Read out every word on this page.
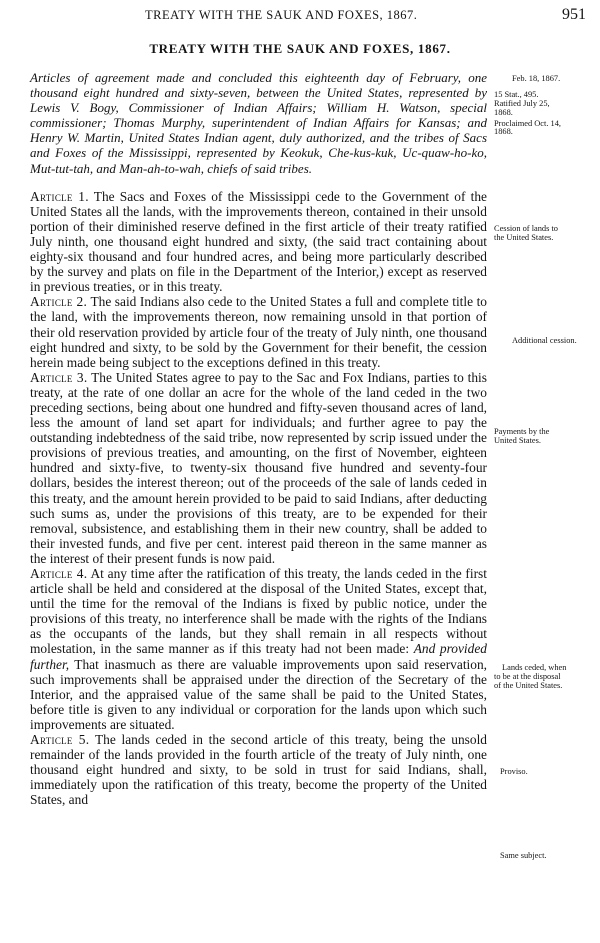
TREATY WITH THE SAUK AND FOXES, 1867.	951
TREATY WITH THE SAUK AND FOXES, 1867.

Articles of agreement made and concluded this eighteenth day of February, one thousand eight hundred and sixty-seven, between the United States, represented by Lewis V. Bogy, Commissioner of Indian Affairs; William H. Watson, special commissioner; Thomas Murphy, superintendent of Indian Affairs for Kansas; and Henry W. Martin, United States Indian agent, duly authorized, and the tribes of Sacs and Foxes of the Mississippi, represented by Keokuk, Che-kus-kuk, Uc-quaw-ho-ko, Mut-tut-tah, and Man-ah-to-wah, chiefs of said tribes.

Article 1. The Sacs and Foxes of the Mississippi cede to the Government of the United States all the lands, with the improvements thereon, contained in their unsold portion of their diminished reserve defined in the first article of their treaty ratified July ninth, one thousand eight hundred and sixty, (the said tract containing about eighty-six thousand and four hundred acres, and being more particularly described by the survey and plats on file in the Department of the Interior,) except as reserved in previous treaties, or in this treaty.

Article 2. The said Indians also cede to the United States a full and complete title to the land, with the improvements thereon, now remaining unsold in that portion of their old reservation provided by article four of the treaty of July ninth, one thousand eight hundred and sixty, to be sold by the Government for their benefit, the cession herein made being subject to the exceptions defined in this treaty.

Article 3. The United States agree to pay to the Sac and Fox Indians, parties to this treaty, at the rate of one dollar an acre for the whole of the land ceded in the two preceding sections, being about one hundred and fifty-seven thousand acres of land, less the amount of land set apart for individuals; and further agree to pay the outstanding indebtedness of the said tribe, now represented by scrip issued under the provisions of previous treaties, and amounting, on the first of November, eighteen hundred and sixty-five, to twenty-six thousand five hundred and seventy-four dollars, besides the interest thereon; out of the proceeds of the sale of lands ceded in this treaty, and the amount herein provided to be paid to said Indians, after deducting such sums as, under the provisions of this treaty, are to be expended for their removal, subsistence, and establishing them in their new country, shall be added to their invested funds, and five per cent. interest paid thereon in the same manner as the interest of their present funds is now paid.

Article 4. At any time after the ratification of this treaty, the lands ceded in the first article shall be held and considered at the disposal of the United States, except that, until the time for the removal of the Indians is fixed by public notice, under the provisions of this treaty, no interference shall be made with the rights of the Indians as the occupants of the lands, but they shall remain in all respects without molestation, in the same manner as if this treaty had not been made: And provided further, That inasmuch as there are valuable improvements upon said reservation, such improvements shall be appraised under the direction of the Secretary of the Interior, and the appraised value of the same shall be paid to the United States, before title is given to any individual or corporation for the lands upon which such improvements are situated.

Article 5. The lands ceded in the second article of this treaty, being the unsold remainder of the lands provided in the fourth article of the treaty of July ninth, one thousand eight hundred and sixty, to be sold in trust for said Indians, shall, immediately upon the ratification of this treaty, become the property of the United States, and

Feb. 18, 1867.
15 Stat., 495.
Ratified July 25,
1868.
Proclaimed Oct. 14,
1868.
Cession of lands to
the United States.
Additional cession.
Payments by the
United States.
Lands ceded, when
to be at the disposal
of the United States.
Proviso.
Same subject.
